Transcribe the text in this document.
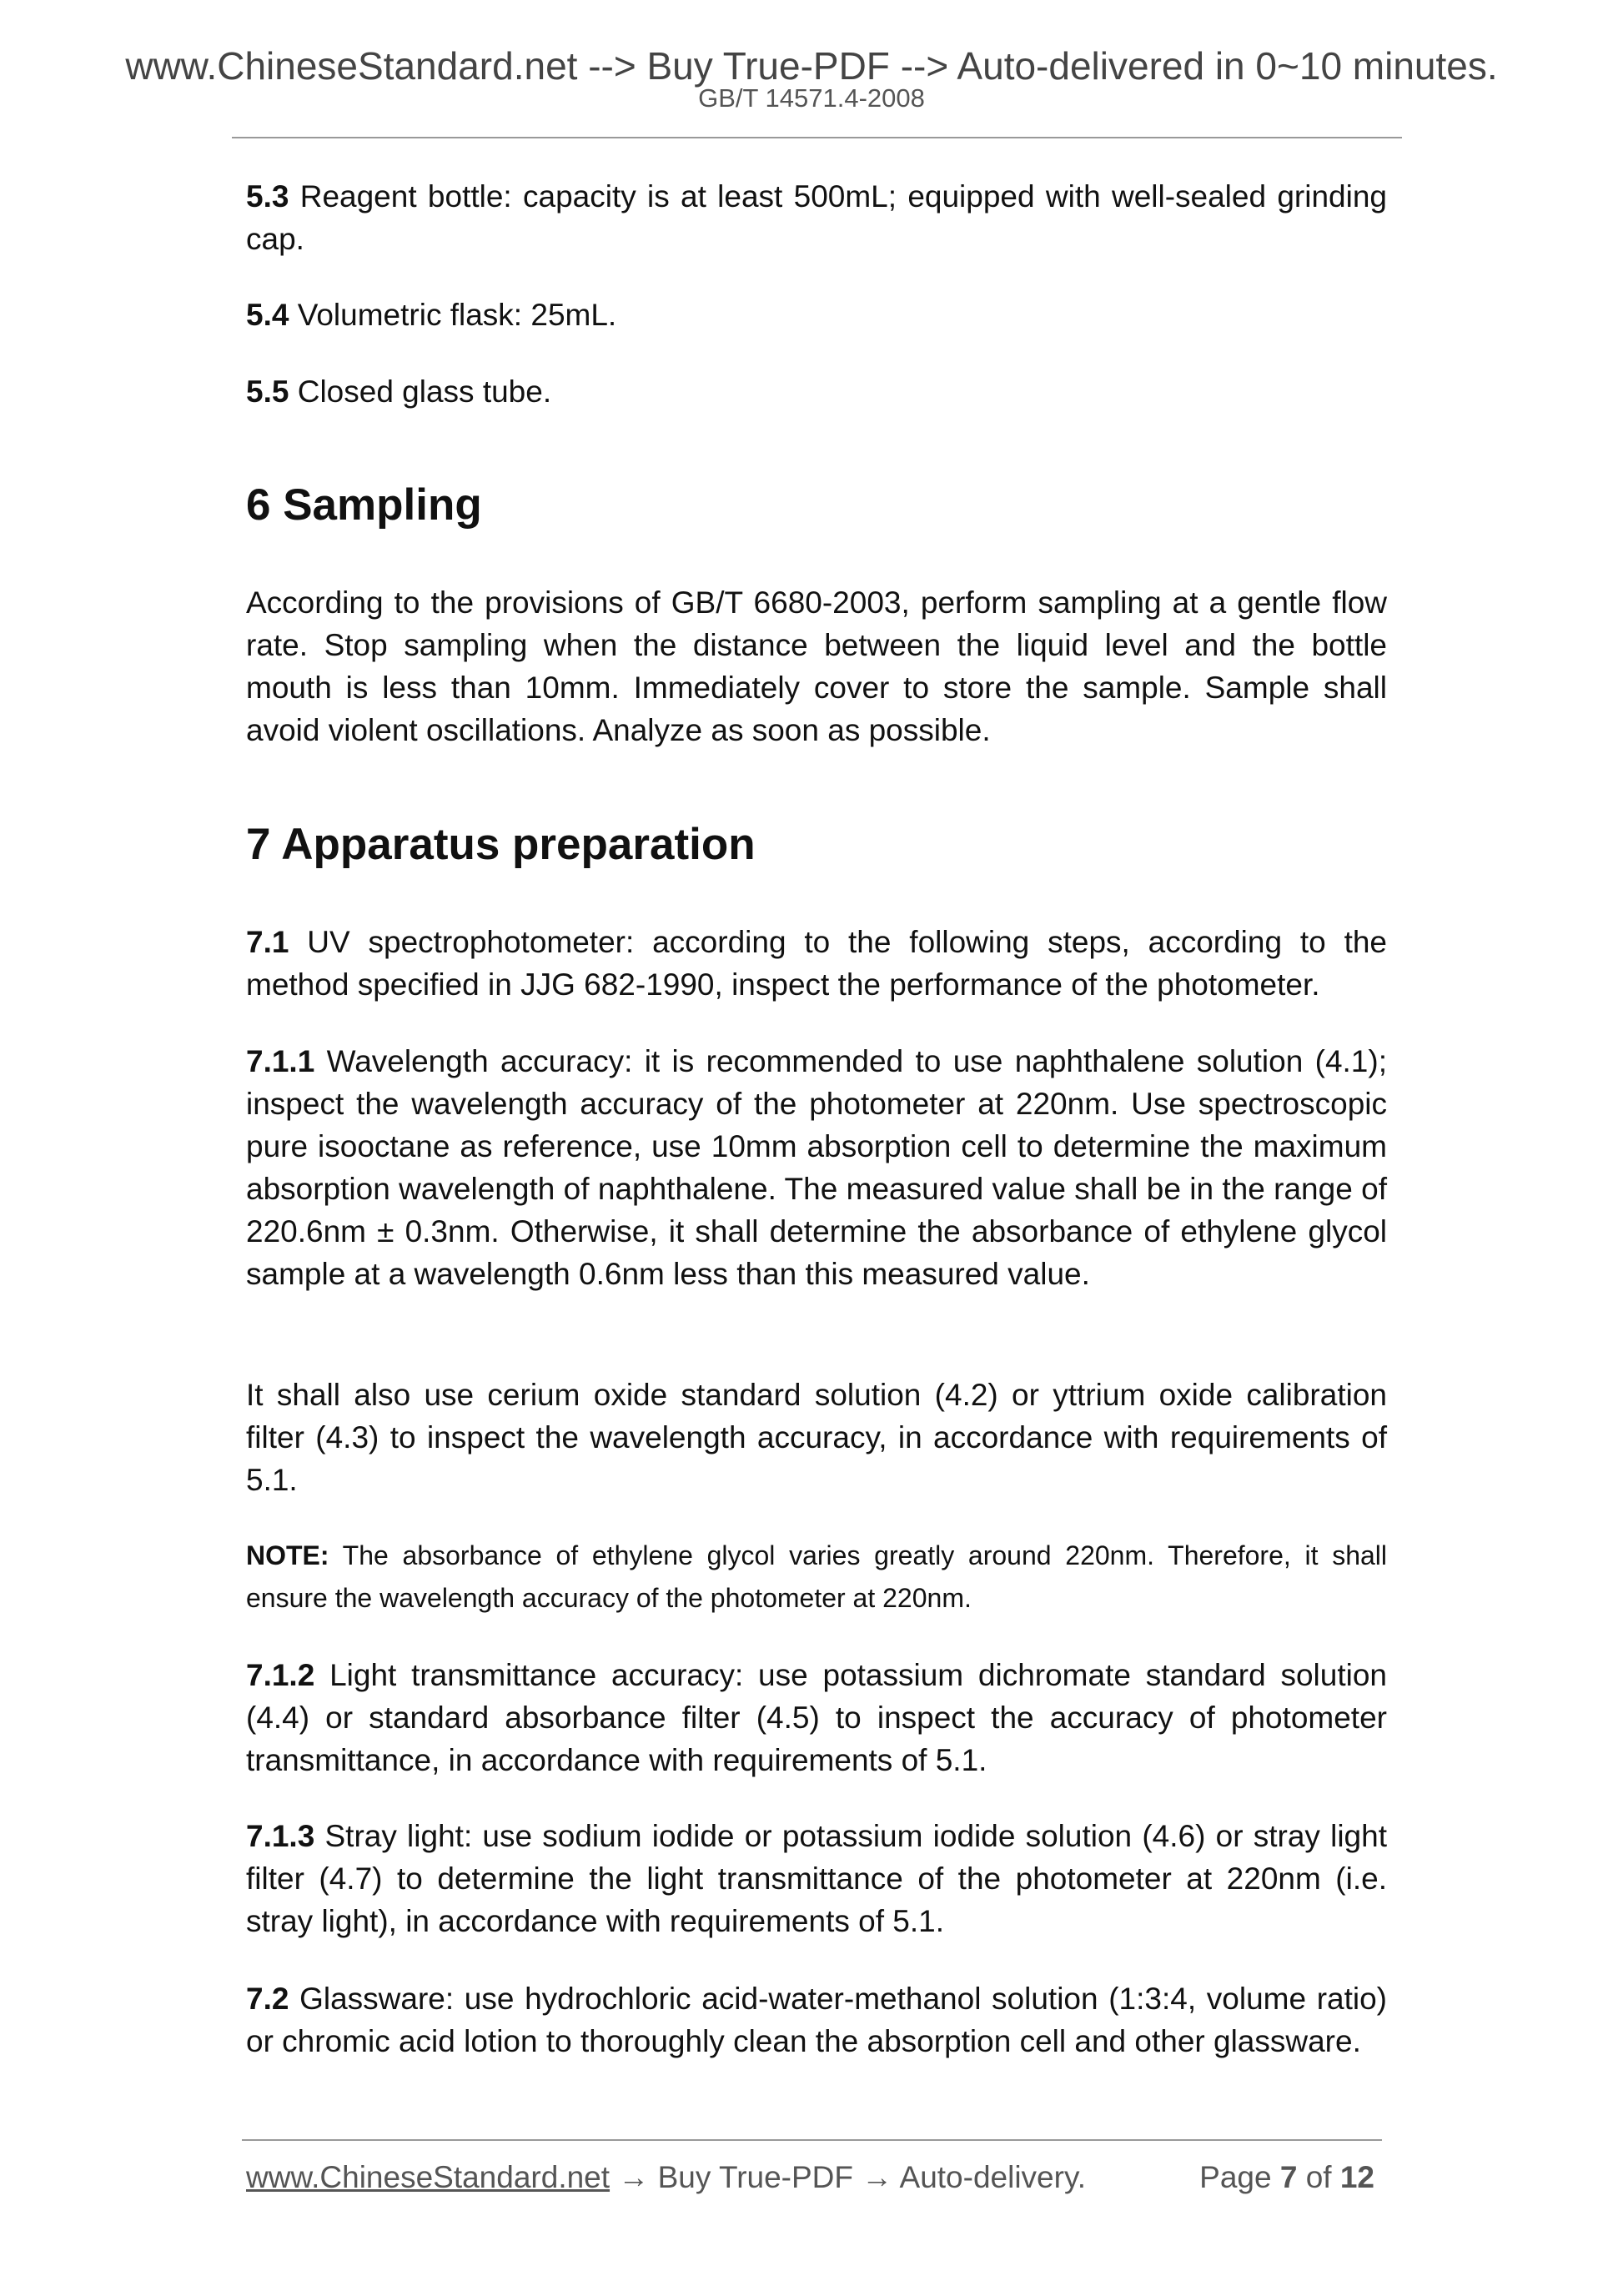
www.ChineseStandard.net --> Buy True-PDF --> Auto-delivered in 0~10 minutes.
GB/T 14571.4-2008
5.3 Reagent bottle: capacity is at least 500mL; equipped with well-sealed grinding cap.
5.4 Volumetric flask: 25mL.
5.5 Closed glass tube.
6 Sampling
According to the provisions of GB/T 6680-2003, perform sampling at a gentle flow rate. Stop sampling when the distance between the liquid level and the bottle mouth is less than 10mm. Immediately cover to store the sample. Sample shall avoid violent oscillations. Analyze as soon as possible.
7 Apparatus preparation
7.1 UV spectrophotometer: according to the following steps, according to the method specified in JJG 682-1990, inspect the performance of the photometer.
7.1.1 Wavelength accuracy: it is recommended to use naphthalene solution (4.1); inspect the wavelength accuracy of the photometer at 220nm. Use spectroscopic pure isooctane as reference, use 10mm absorption cell to determine the maximum absorption wavelength of naphthalene. The measured value shall be in the range of 220.6nm ± 0.3nm. Otherwise, it shall determine the absorbance of ethylene glycol sample at a wavelength 0.6nm less than this measured value.
It shall also use cerium oxide standard solution (4.2) or yttrium oxide calibration filter (4.3) to inspect the wavelength accuracy, in accordance with requirements of 5.1.
NOTE: The absorbance of ethylene glycol varies greatly around 220nm. Therefore, it shall ensure the wavelength accuracy of the photometer at 220nm.
7.1.2 Light transmittance accuracy: use potassium dichromate standard solution (4.4) or standard absorbance filter (4.5) to inspect the accuracy of photometer transmittance, in accordance with requirements of 5.1.
7.1.3 Stray light: use sodium iodide or potassium iodide solution (4.6) or stray light filter (4.7) to determine the light transmittance of the photometer at 220nm (i.e. stray light), in accordance with requirements of 5.1.
7.2 Glassware: use hydrochloric acid-water-methanol solution (1:3:4, volume ratio) or chromic acid lotion to thoroughly clean the absorption cell and other glassware.
www.ChineseStandard.net → Buy True-PDF → Auto-delivery.	Page 7 of 12
